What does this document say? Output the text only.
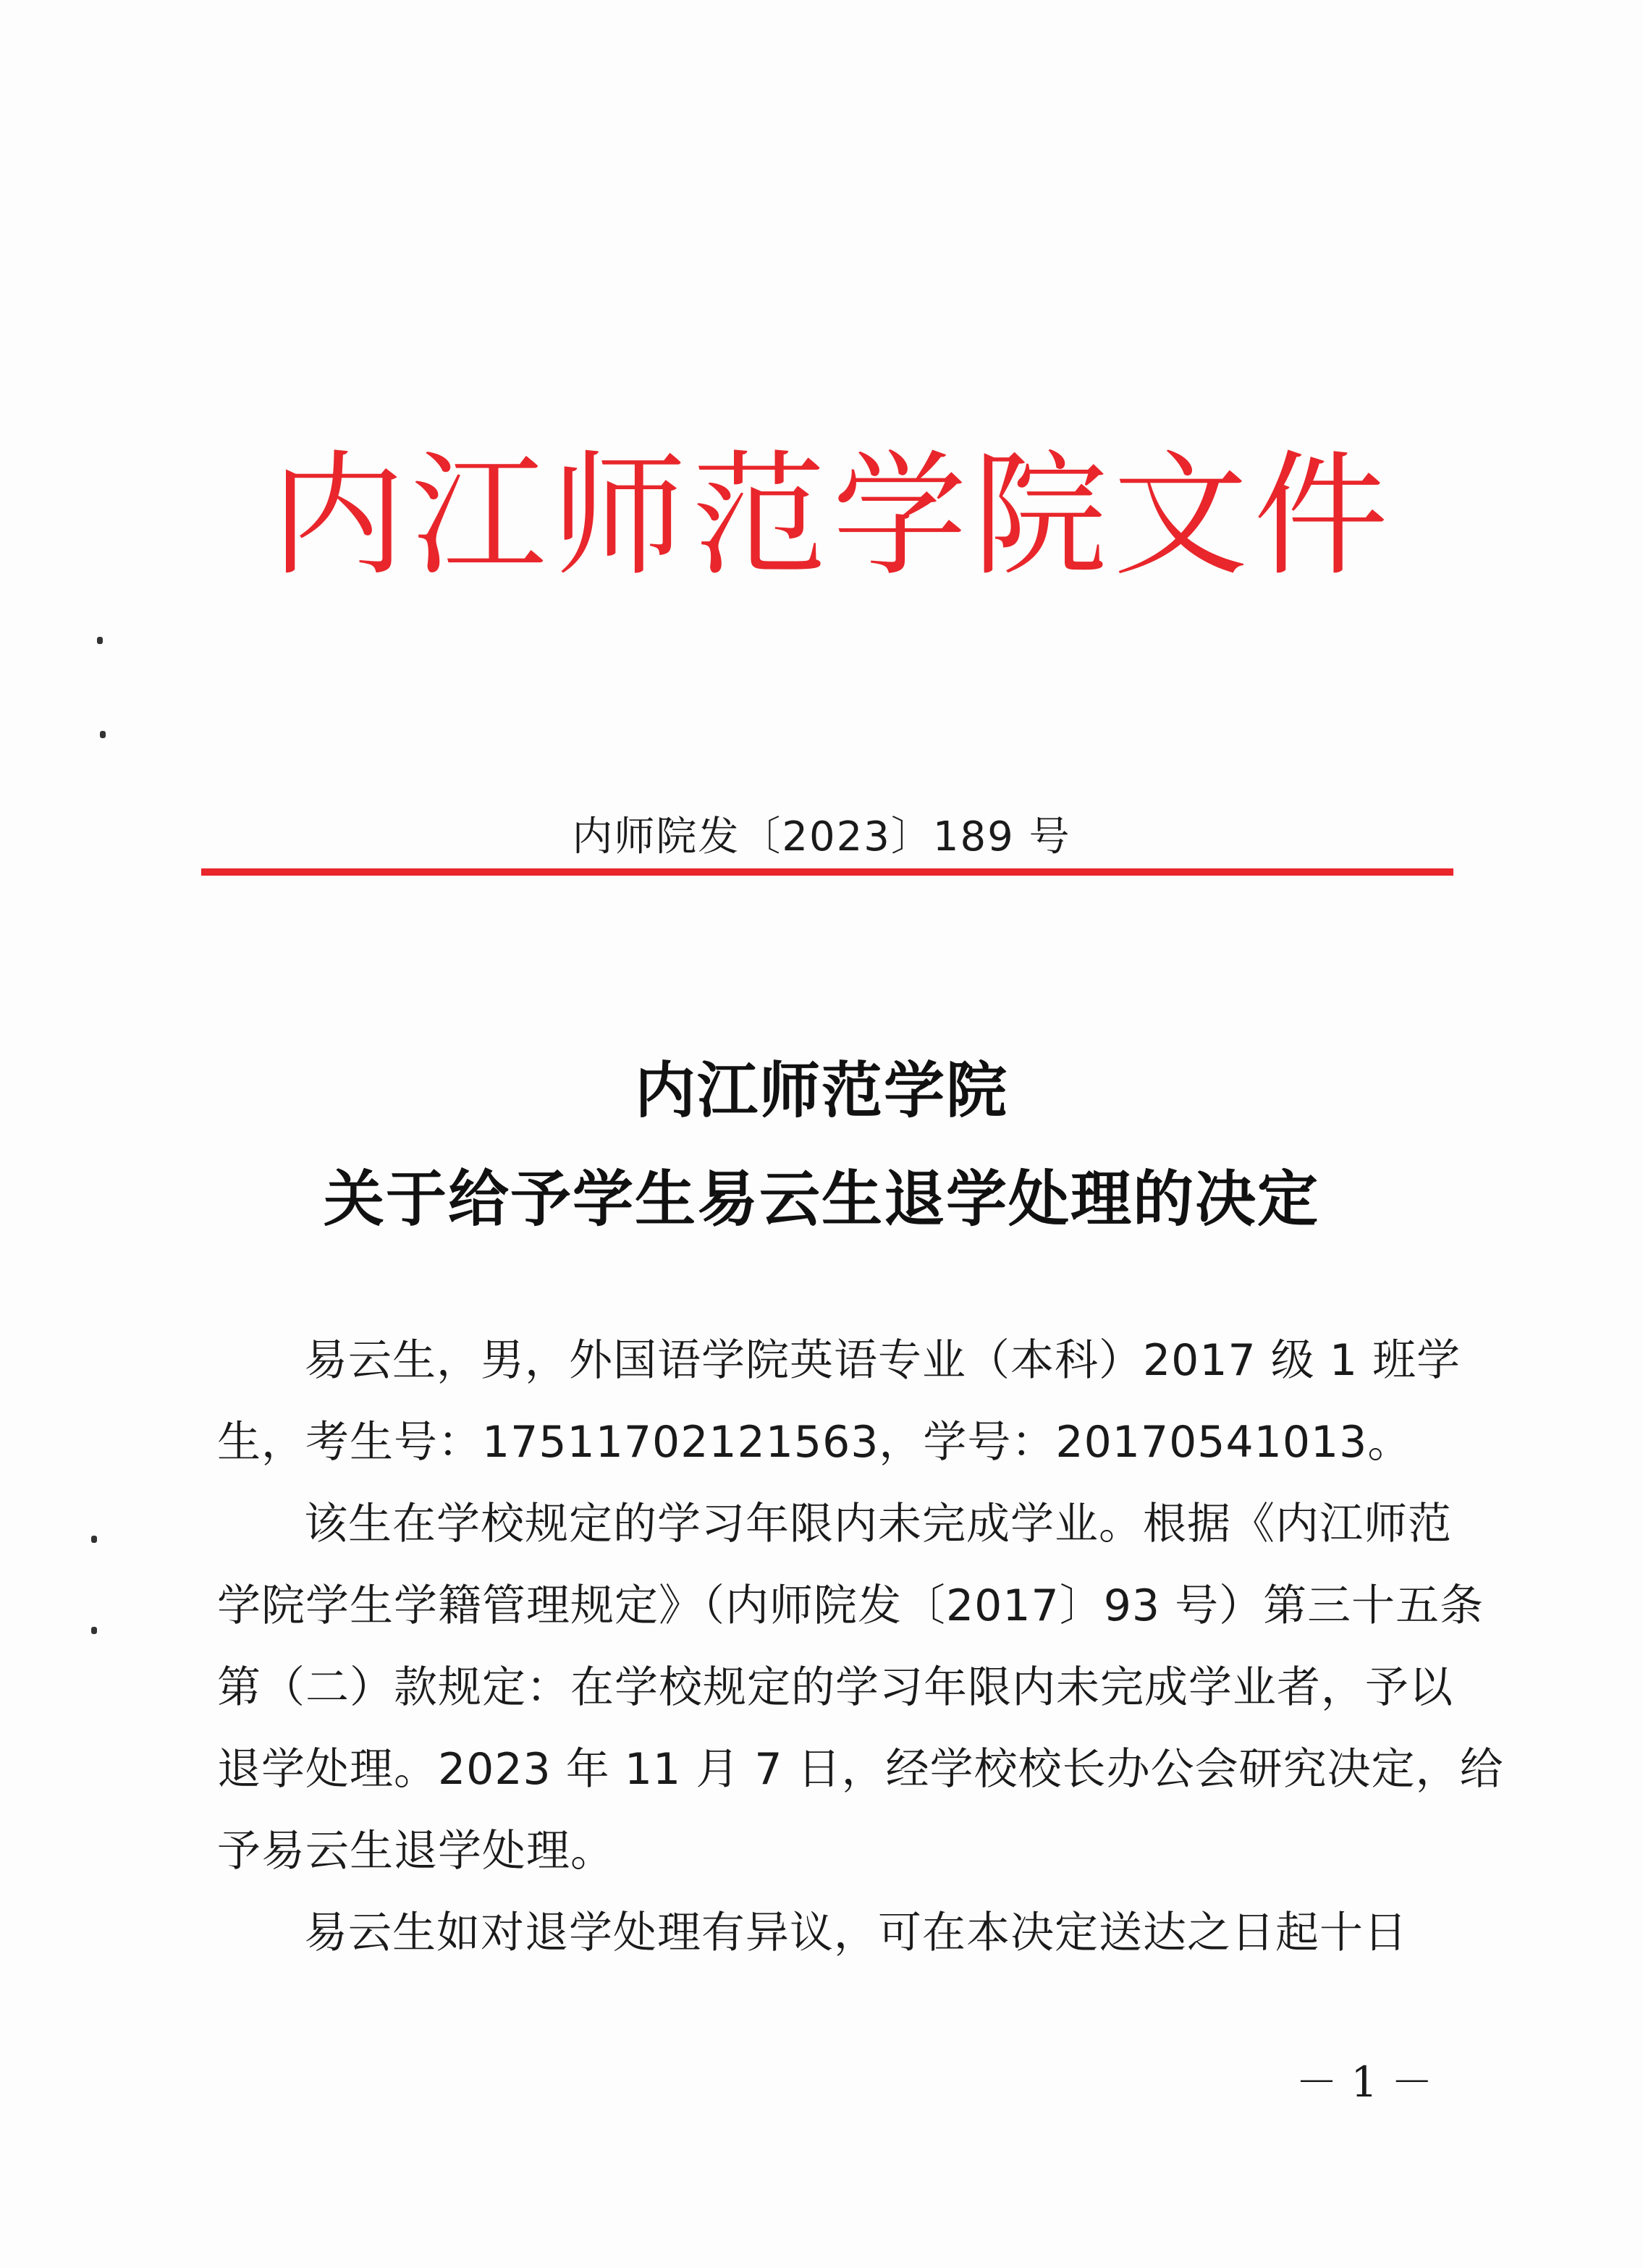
内江师范学院文件
内师院发〔2023〕189 号
内江师范学院
关于给予学生易云生退学处理的决定
易云生，男，外国语学院英语专业（本科）2017 级 1 班学
生，考生号：17511702121563，学号：20170541013。
该生在学校规定的学习年限内未完成学业。根据《内江师范
学院学生学籍管理规定》（内师院发〔2017〕93 号）第三十五条
第（二）款规定：在学校规定的学习年限内未完成学业者，予以
退学处理。2023 年 11 月 7 日，经学校校长办公会研究决定，给
予易云生退学处理。
易云生如对退学处理有异议，可在本决定送达之日起十日
－ 1 －
